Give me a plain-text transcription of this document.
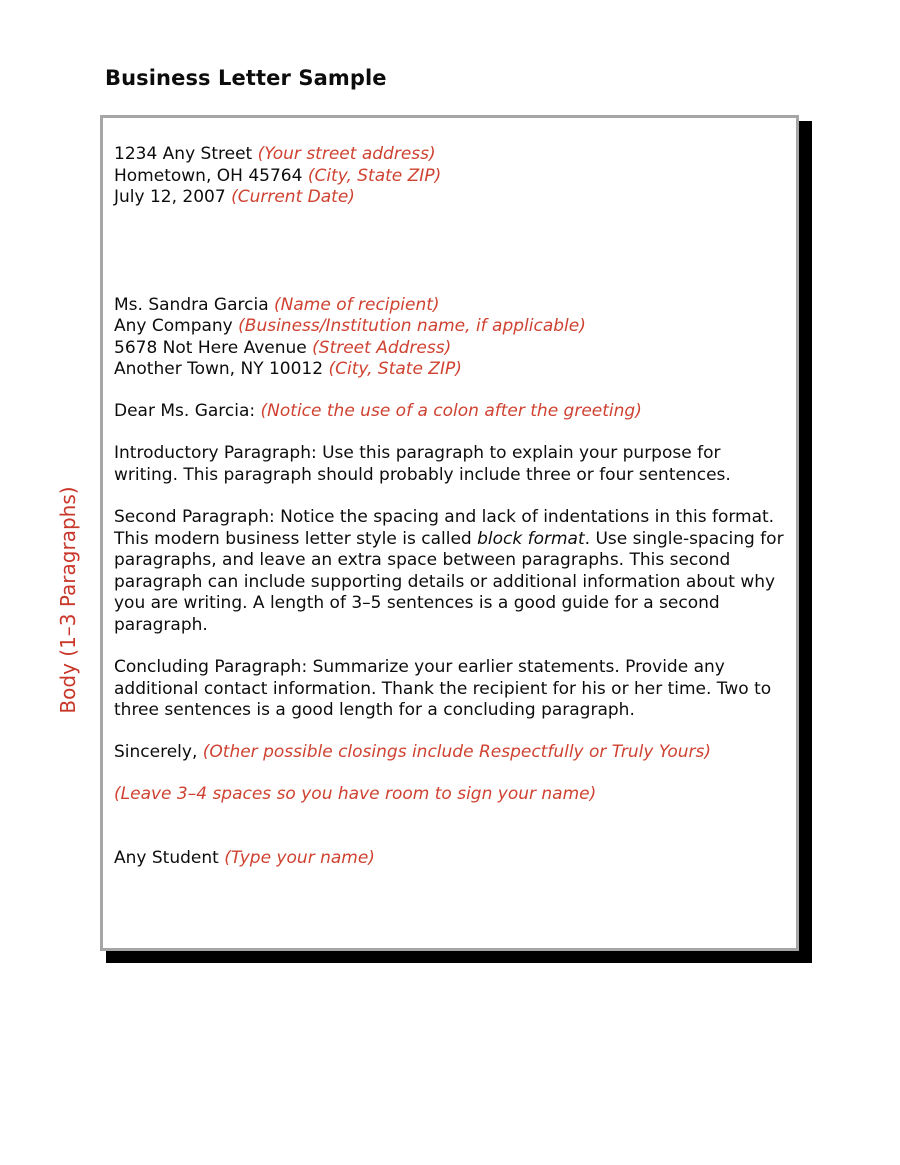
Business Letter Sample
Body (1–3 Paragraphs)
1234 Any Street (Your street address)
Hometown, OH 45764 (City, State ZIP)
July 12, 2007 (Current Date)
Ms. Sandra Garcia (Name of recipient)
Any Company (Business/Institution name, if applicable)
5678 Not Here Avenue (Street Address)
Another Town, NY 10012 (City, State ZIP)
Dear Ms. Garcia: (Notice the use of a colon after the greeting)

Introductory Paragraph: Use this paragraph to explain your purpose for writing. This paragraph should probably include three or four sentences.

Second Paragraph: Notice the spacing and lack of indentations in this format. This modern business letter style is called block format. Use single-spacing for paragraphs, and leave an extra space between paragraphs. This second paragraph can include supporting details or additional information about why you are writing. A length of 3–5 sentences is a good guide for a second paragraph.

Concluding Paragraph: Summarize your earlier statements. Provide any additional contact information. Thank the recipient for his or her time. Two to three sentences is a good length for a concluding paragraph.

Sincerely, (Other possible closings include Respectfully or Truly Yours)
(Leave 3–4 spaces so you have room to sign your name)
Any Student (Type your name)
